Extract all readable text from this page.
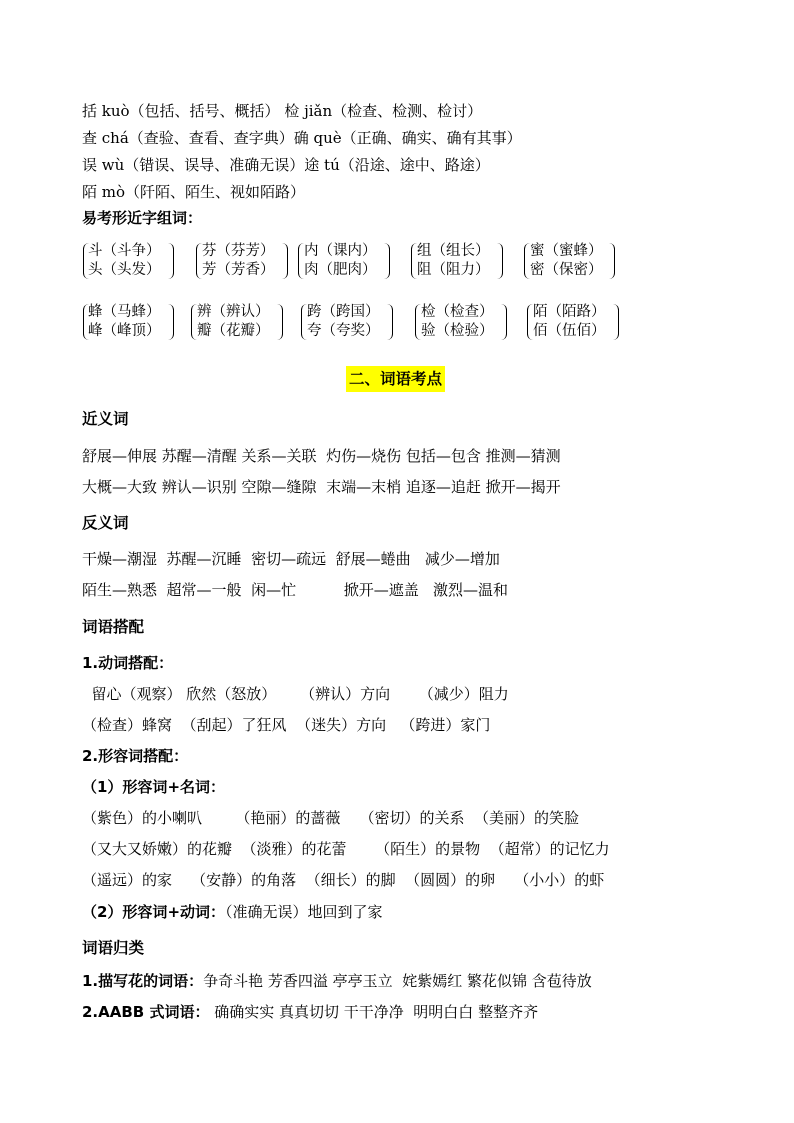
括 kuò（包括、括号、概括） 检 jiǎn（检查、检测、检讨）
查 chá（查验、查看、查字典）确 què（正确、确实、确有其事）
误 wù（错误、误导、准确无误）途 tú（沿途、途中、路途）
陌 mò（阡陌、陌生、视如陌路）
易考形近字组词：
斗（斗争）
头（头发）
芬（芬芳）
芳（芳香）
内（课内）
肉（肥肉）
组（组长）
阻（阻力）
蜜（蜜蜂）
密（保密）
蜂（马蜂）
峰（峰顶）
辨（辨认）
瓣（花瓣）
跨（跨国）
夸（夸奖）
检（检查）
验（检验）
陌（陌路）
佰（伍佰）
二、词语考点
近义词
舒展—伸展 苏醒—清醒 关系—关联  灼伤—烧伤 包括—包含 推测—猜测
大概—大致 辨认—识别 空隙—缝隙  末端—末梢 追逐—追赶 掀开—揭开
反义词
干燥—潮湿  苏醒—沉睡  密切—疏远  舒展—蜷曲   减少—增加
陌生—熟悉  超常—一般  闲—忙          掀开—遮盖   激烈—温和
词语搭配
1.动词搭配：
留心（观察） 欣然（怒放）     （辨认）方向      （减少）阻力
（检查）蜂窝  （刮起）了狂风  （迷失）方向   （跨进）家门
2.形容词搭配：
（1）形容词+名词：
（紫色）的小喇叭       （艳丽）的蔷薇    （密切）的关系  （美丽）的笑脸
（又大又娇嫩）的花瓣  （淡雅）的花蕾      （陌生）的景物  （超常）的记忆力
（遥远）的家    （安静）的角落  （细长）的脚  （圆圆）的卵    （小小）的虾
（2）形容词+动词：（准确无误）地回到了家
词语归类
1.描写花的词语：争奇斗艳 芳香四溢 亭亭玉立  姹紫嫣红 繁花似锦 含苞待放
2.AABB 式词语： 确确实实 真真切切 干干净净  明明白白 整整齐齐
